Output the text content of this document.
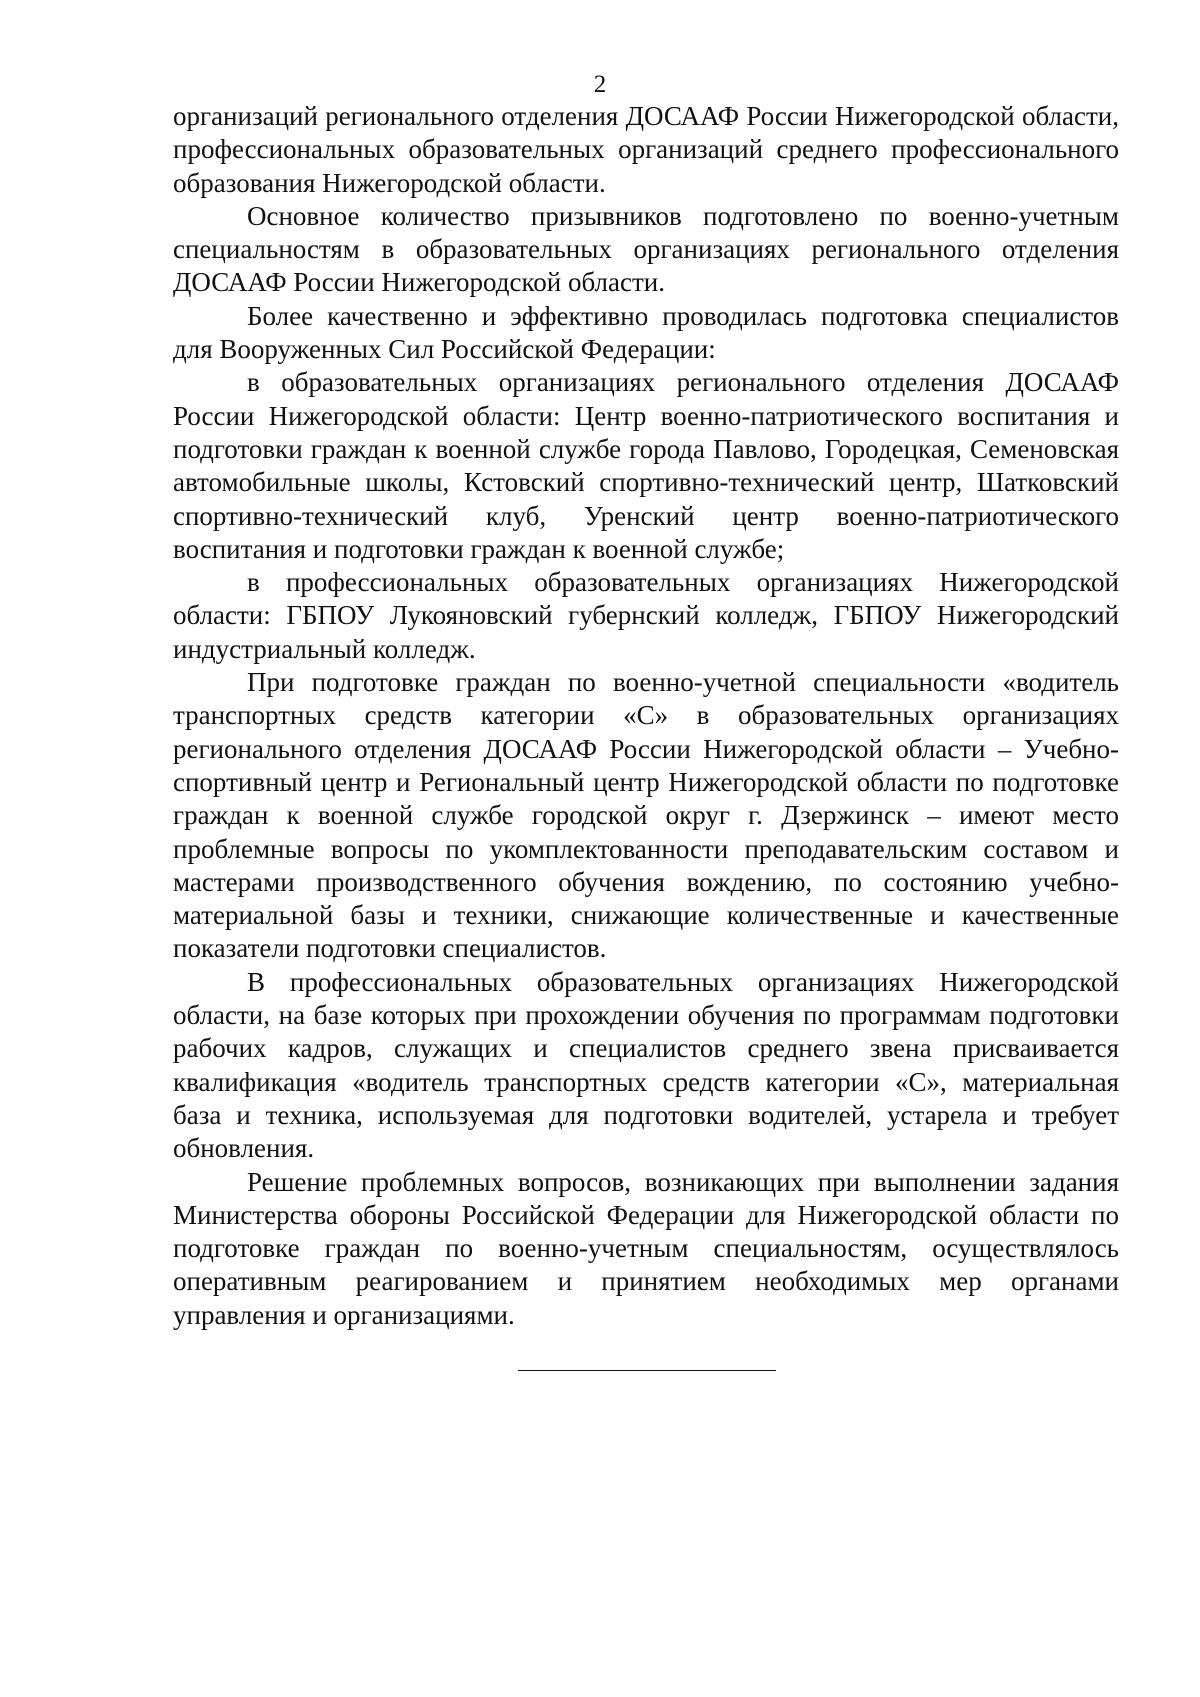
2

организаций регионального отделения ДОСААФ России Нижегородской области, профессиональных образовательных организаций среднего профессионального образования Нижегородской области.

Основное количество призывников подготовлено по военно-учетным специальностям в образовательных организациях регионального отделения ДОСААФ России Нижегородской области.

Более качественно и эффективно проводилась подготовка специалистов для Вооруженных Сил Российской Федерации:

в образовательных организациях регионального отделения ДОСААФ России Нижегородской области: Центр военно-патриотического воспитания и подготовки граждан к военной службе города Павлово, Городецкая, Семеновская автомобильные школы, Кстовский спортивно-технический центр, Шатковский спортивно-технический клуб, Уренский центр военно-патриотического воспитания и подготовки граждан к военной службе;

в профессиональных образовательных организациях Нижегородской области: ГБПОУ Лукояновский губернский колледж, ГБПОУ Нижегородский индустриальный колледж.

При подготовке граждан по военно-учетной специальности «водитель транспортных средств категории «С» в образовательных организациях регионального отделения ДОСААФ России Нижегородской области – Учебно-спортивный центр и Региональный центр Нижегородской области по подготовке граждан к военной службе городской округ г. Дзержинск – имеют место проблемные вопросы по укомплектованности преподавательским составом и мастерами производственного обучения вождению, по состоянию учебно-материальной базы и техники, снижающие количественные и качественные показатели подготовки специалистов.

В профессиональных образовательных организациях Нижегородской области, на базе которых при прохождении обучения по программам подготовки рабочих кадров, служащих и специалистов среднего звена присваивается квалификация «водитель транспортных средств категории «С», материальная база и техника, используемая для подготовки водителей, устарела и требует обновления.

Решение проблемных вопросов, возникающих при выполнении задания Министерства обороны Российской Федерации для Нижегородской области по подготовке граждан по военно-учетным специальностям, осуществлялось оперативным реагированием и принятием необходимых мер органами управления и организациями.
